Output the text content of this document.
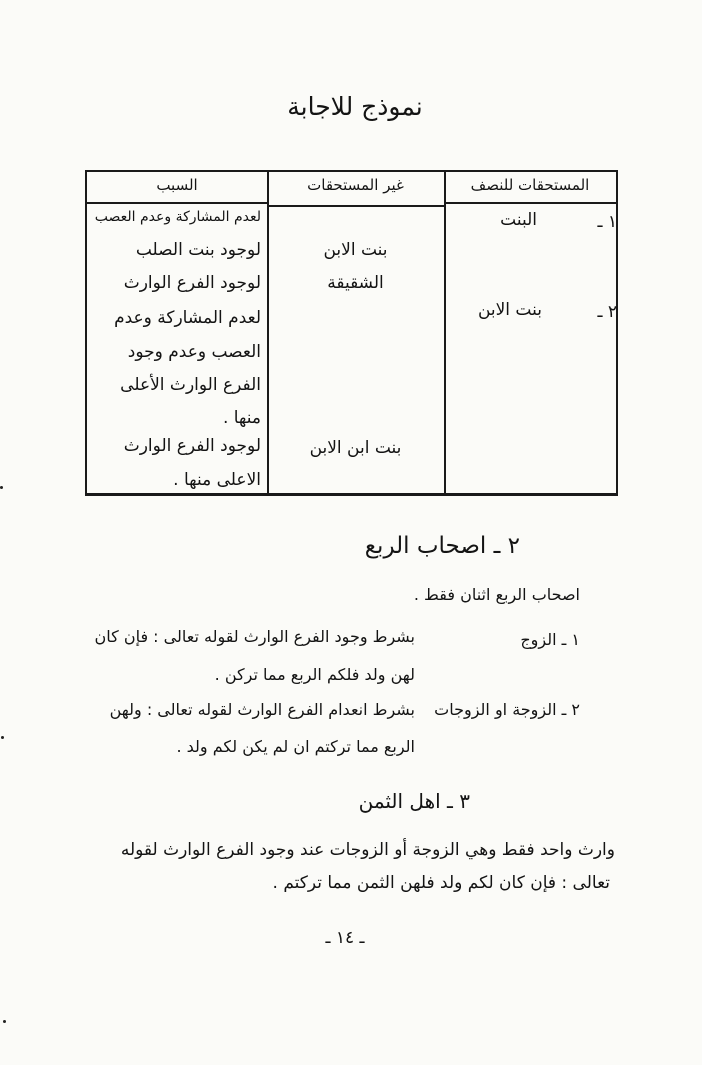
نموذج للاجابة
السبب	غير المستحقات	المستحقات للنصف
١ ـ
البنت
٢ ـ
بنت الابن
بنت الابن
الشقيقة
بنت ابن الابن
لعدم المشاركة وعدم العصب
لوجود بنت الصلب
لوجود الفرع الوارث
لعدم المشاركة وعدم
العصب وعدم وجود
الفرع الوارث الأعلى
منها .
لوجود الفرع الوارث
الاعلى منها .
٢ ـ اصحاب الربع
اصحاب الربع اثنان فقط .
١ ـ الزوج
بشرط وجود الفرع الوارث لقوله تعالى : فإن كان
لهن ولد فلكم الربع مما تركن .
٢ ـ الزوجة او الزوجات
بشرط انعدام الفرع الوارث لقوله تعالى : ولهن
الربع مما تركتم ان لم يكن لكم ولد .
٣ ـ اهل الثمن
وارث واحد فقط وهي الزوجة أو الزوجات عند وجود الفرع الوارث لقوله
تعالى : فإن كان لكم ولد فلهن الثمن مما تركتم .
ـ ١٤ ـ
